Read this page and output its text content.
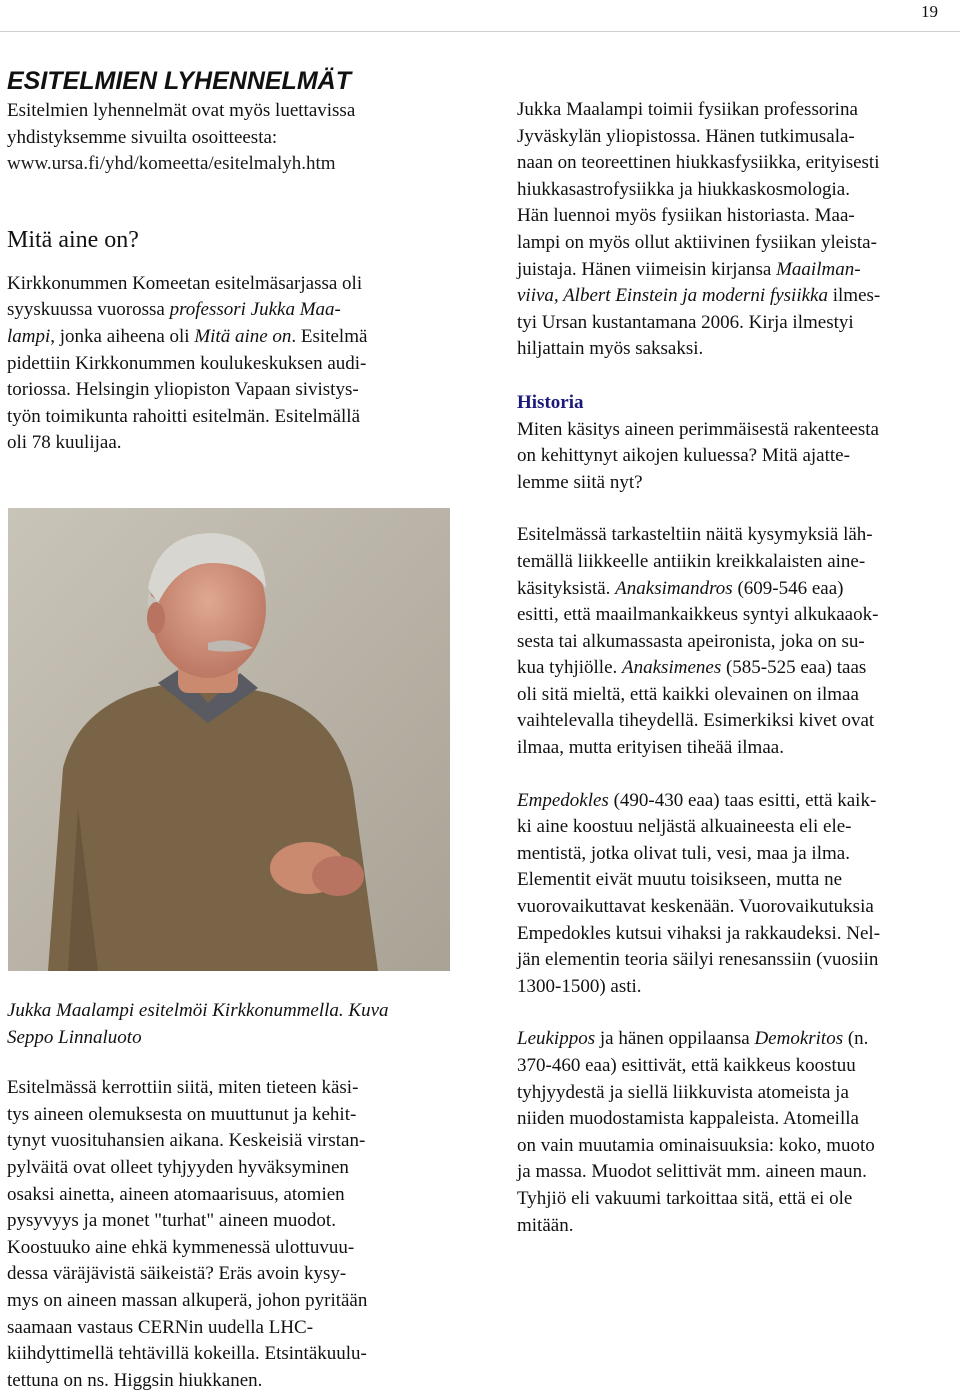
19
ESITELMIEN LYHENNELMÄT

Esitelmien lyhennelmät ovat myös luettavissa
yhdistyksemme sivuilta osoitteesta:
www.ursa.fi/yhd/komeetta/esitelmalyh.htm

Mitä aine on?

Kirkkonummen Komeetan esitelmäsarjassa oli
syyskuussa vuorossa professori Jukka Maa-
lampi, jonka aiheena oli Mitä aine on. Esitelmä
pidettiin Kirkkonummen koulukeskuksen audi-
toriossa. Helsingin yliopiston Vapaan sivistys-
työn toimikunta rahoitti esitelmän. Esitelmällä
oli 78 kuulijaa.

Jukka Maalampi esitelmöi Kirkkonummella. Kuva
Seppo Linnaluoto

Esitelmässä kerrottiin siitä, miten tieteen käsi-
tys aineen olemuksesta on muuttunut ja kehit-
tynyt vuosituhansien aikana. Keskeisiä virstan-
pylväitä ovat olleet tyhjyyden hyväksyminen
osaksi ainetta, aineen atomaarisuus, atomien
pysyvyys ja monet "turhat" aineen muodot.
Koostuuko aine ehkä kymmenessä ulottuvuu-
dessa väräjävistä säikeistä? Eräs avoin kysy-
mys on aineen massan alkuperä, johon pyritään
saamaan vastaus CERNin uudella LHC-
kiihdyttimellä tehtävillä kokeilla. Etsintäkuulu-
tettuna on ns. Higgsin hiukkanen.

Jukka Maalampi toimii fysiikan professorina
Jyväskylän yliopistossa. Hänen tutkimusala-
naan on teoreettinen hiukkasfysiikka, erityisesti
hiukkasastrofysiikka ja hiukkaskosmologia.
Hän luennoi myös fysiikan historiasta. Maa-
lampi on myös ollut aktiivinen fysiikan yleista-
juistaja. Hänen viimeisin kirjansa Maailman-
viiva, Albert Einstein ja moderni fysiikka ilmes-
tyi Ursan kustantamana 2006. Kirja ilmestyi
hiljattain myös saksaksi.

Historia
Miten käsitys aineen perimmäisestä rakenteesta
on kehittynyt aikojen kuluessa? Mitä ajatte-
lemme siitä nyt?

Esitelmässä tarkasteltiin näitä kysymyksiä läh-
temällä liikkeelle antiikin kreikkalaisten aine-
käsityksistä. Anaksimandros (609-546 eaa)
esitti, että maailmankaikkeus syntyi alkukaaok-
sesta tai alkumassasta apeironista, joka on su-
kua tyhjiölle. Anaksimenes (585-525 eaa) taas
oli sitä mieltä, että kaikki olevainen on ilmaa
vaihtelevalla tiheydellä. Esimerkiksi kivet ovat
ilmaa, mutta erityisen tiheää ilmaa.

Empedokles (490-430 eaa) taas esitti, että kaik-
ki aine koostuu neljästä alkuaineesta eli ele-
mentistä, jotka olivat tuli, vesi, maa ja ilma.
Elementit eivät muutu toisikseen, mutta ne
vuorovaikuttavat keskenään. Vuorovaikutuksia
Empedokles kutsui vihaksi ja rakkaudeksi. Nel-
jän elementin teoria säilyi renesanssiin (vuosiin
1300-1500) asti.

Leukippos ja hänen oppilaansa Demokritos (n.
370-460 eaa) esittivät, että kaikkeus koostuu
tyhjyydestä ja siellä liikkuvista atomeista ja
niiden muodostamista kappaleista. Atomeilla
on vain muutamia ominaisuuksia: koko, muoto
ja massa. Muodot selittivät mm. aineen maun.
Tyhjiö eli vakuumi tarkoittaa sitä, että ei ole
mitään.
